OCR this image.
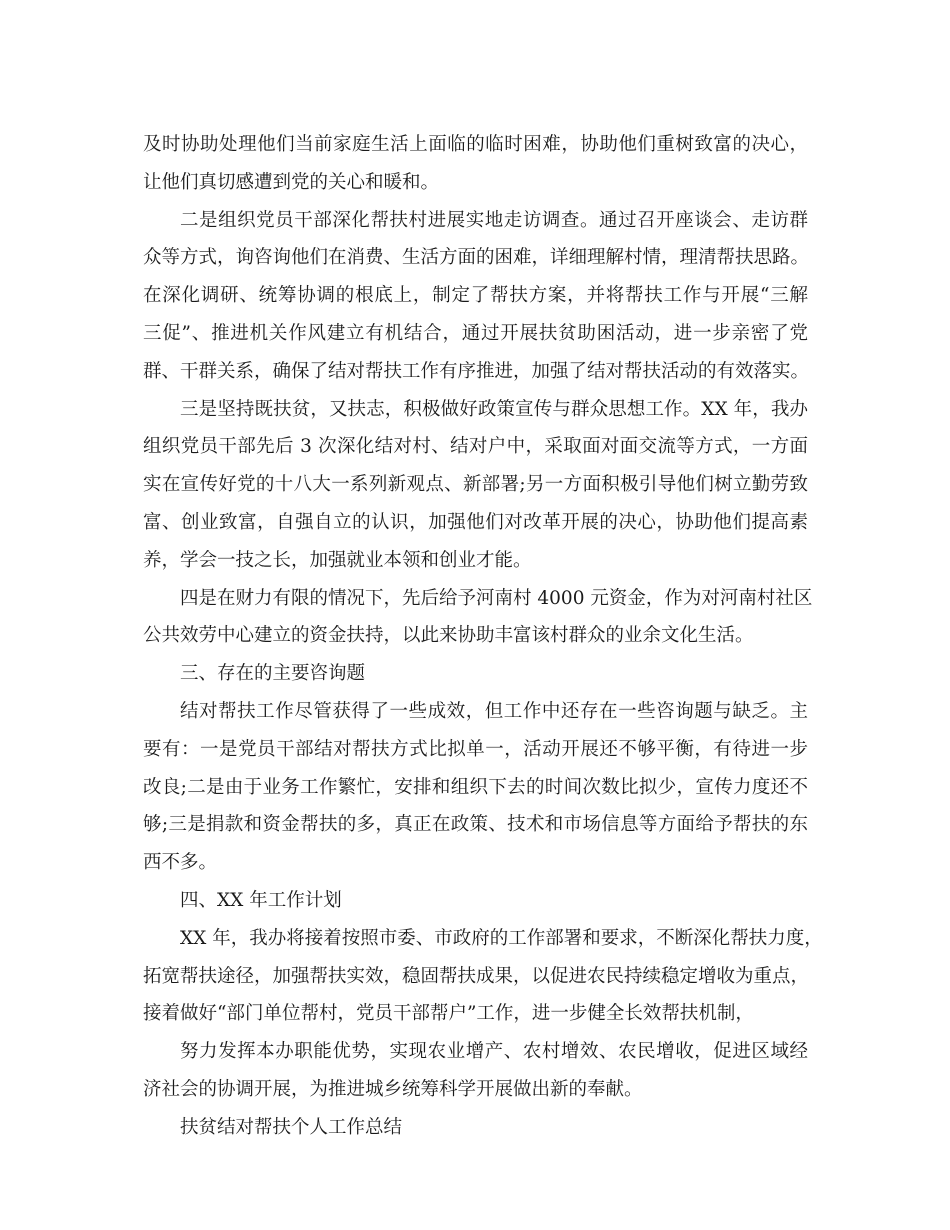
及时协助处理他们当前家庭生活上面临的临时困难，协助他们重树致富的决心，
让他们真切感遭到党的关心和暖和。
二是组织党员干部深化帮扶村进展实地走访调查。通过召开座谈会、走访群
众等方式，询咨询他们在消费、生活方面的困难，详细理解村情，理清帮扶思路。
在深化调研、统筹协调的根底上，制定了帮扶方案，并将帮扶工作与开展“三解
三促”、推进机关作风建立有机结合，通过开展扶贫助困活动，进一步亲密了党
群、干群关系，确保了结对帮扶工作有序推进，加强了结对帮扶活动的有效落实。
三是坚持既扶贫，又扶志，积极做好政策宣传与群众思想工作。XX 年，我办
组织党员干部先后 3 次深化结对村、结对户中，采取面对面交流等方式，一方面
实在宣传好党的十八大一系列新观点、新部署;另一方面积极引导他们树立勤劳致
富、创业致富，自强自立的认识，加强他们对改革开展的决心，协助他们提高素
养，学会一技之长，加强就业本领和创业才能。
四是在财力有限的情况下，先后给予河南村 4000 元资金，作为对河南村社区
公共效劳中心建立的资金扶持，以此来协助丰富该村群众的业余文化生活。
三、存在的主要咨询题
结对帮扶工作尽管获得了一些成效，但工作中还存在一些咨询题与缺乏。主
要有：一是党员干部结对帮扶方式比拟单一，活动开展还不够平衡，有待进一步
改良;二是由于业务工作繁忙，安排和组织下去的时间次数比拟少，宣传力度还不
够;三是捐款和资金帮扶的多，真正在政策、技术和市场信息等方面给予帮扶的东
西不多。
四、XX 年工作计划
XX 年，我办将接着按照市委、市政府的工作部署和要求，不断深化帮扶力度，
拓宽帮扶途径，加强帮扶实效，稳固帮扶成果，以促进农民持续稳定增收为重点，
接着做好“部门单位帮村，党员干部帮户”工作，进一步健全长效帮扶机制，
努力发挥本办职能优势，实现农业增产、农村增效、农民增收，促进区域经
济社会的协调开展，为推进城乡统筹科学开展做出新的奉献。
扶贫结对帮扶个人工作总结
